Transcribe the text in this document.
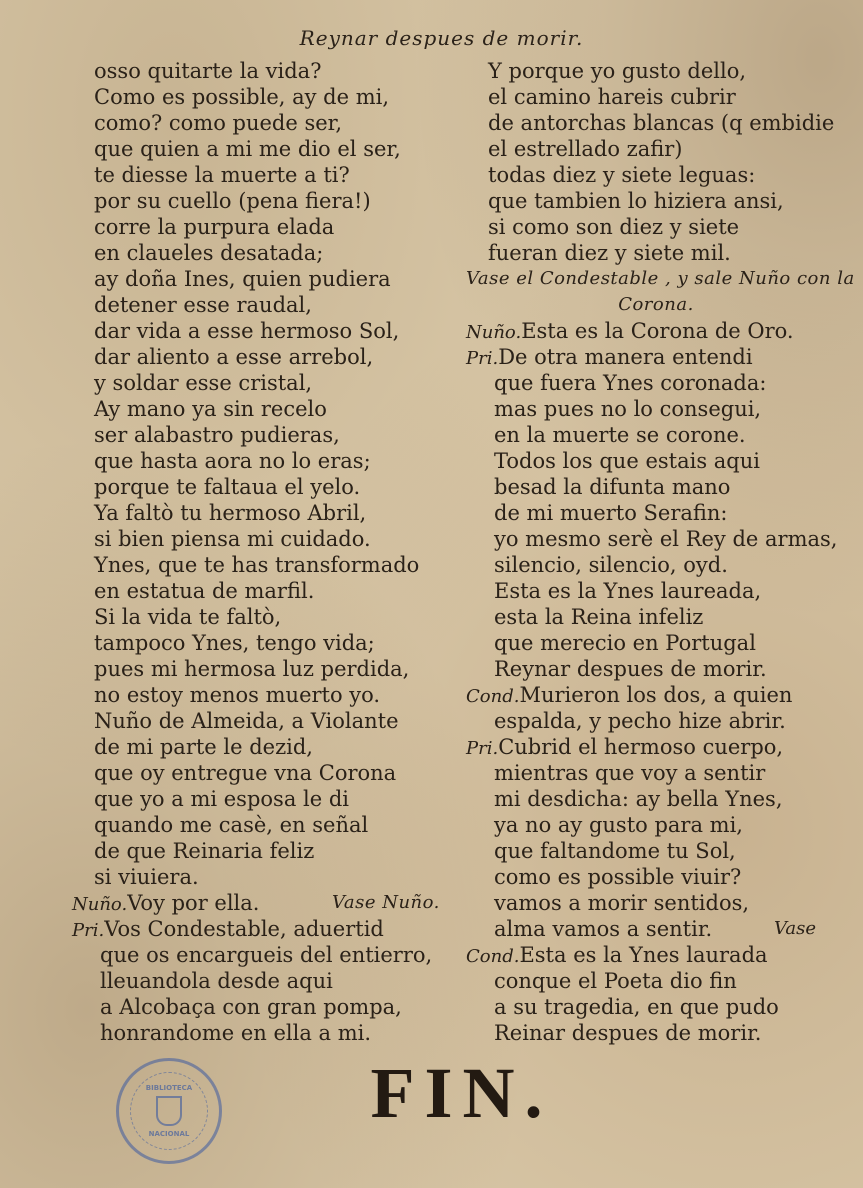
Reynar despues de morir.
osso quitarte la vida?
Como es possible, ay de mi,
como? como puede ser,
que quien a mi me dio el ser,
te diesse la muerte a ti?
por su cuello (pena fiera!)
corre la purpura elada
en claueles desatada;
ay doña Ines, quien pudiera
detener esse raudal,
dar vida a esse hermoso Sol,
dar aliento a esse arrebol,
y soldar esse cristal,
Ay mano ya sin recelo
ser alabastro pudieras,
que hasta aora no lo eras;
porque te faltaua el yelo.
Ya faltò tu hermoso Abril,
si bien piensa mi cuidado.
Ynes, que te has transformado
en estatua de marfil.
Si la vida te faltò,
tampoco Ynes, tengo vida;
pues mi hermosa luz perdida,
no estoy menos muerto yo.
Nuño de Almeida, a Violante
de mi parte le dezid,
que oy entregue vna Corona
que yo a mi esposa le di
quando me casè, en señal
de que Reinaria feliz
si viuiera.
Nuño.Voy por ella.	Vase Nuño.
Pri.Vos Condestable, aduertid
que os encargueis del entierro,
lleuandola desde aqui
a Alcobaça con gran pompa,
honrandome en ella a mi.
Y porque yo gusto dello,
el camino hareis cubrir
de antorchas blancas (q embidie
el estrellado zafir)
todas diez y siete leguas:
que tambien lo hiziera ansi,
si como son diez y siete
fueran diez y siete mil.
Vase el Condestable , y sale Nuño con la
Corona.
Nuño.Esta es la Corona de Oro.
Pri.De otra manera entendi
que fuera Ynes coronada:
mas pues no lo consegui,
en la muerte se corone.
Todos los que estais aqui
besad la difunta mano
de mi muerto Serafin:
yo mesmo serè el Rey de armas,
silencio, silencio, oyd.
Esta es la Ynes laureada,
esta la Reina infeliz
que merecio en Portugal
Reynar despues de morir.
Cond.Murieron los dos, a quien
espalda, y pecho hize abrir.
Pri.Cubrid el hermoso cuerpo,
mientras que voy a sentir
mi desdicha: ay bella Ynes,
ya no ay gusto para mi,
que faltandome tu Sol,
como es possible viuir?
vamos a morir sentidos,
alma vamos a sentir.	Vase
Cond.Esta es la Ynes laurada
conque el Poeta dio fin
a su tragedia, en que pudo
Reinar despues de morir.
BIBLIOTECA
NACIONAL
FIN.
